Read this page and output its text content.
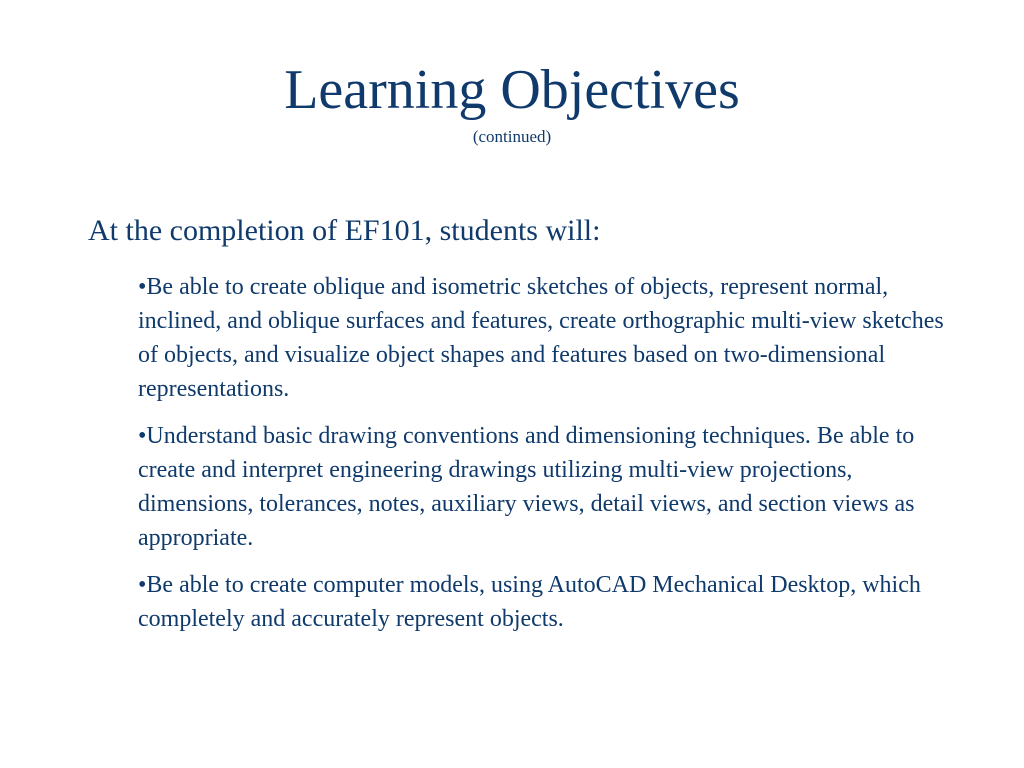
Learning Objectives
(continued)
At the completion of EF101, students will:
•Be able to create oblique and isometric sketches of objects, represent normal, inclined, and oblique surfaces and features, create orthographic multi-view sketches of objects, and visualize object shapes and features based on two-dimensional representations.
•Understand basic drawing conventions and dimensioning techniques. Be able to create and interpret engineering drawings utilizing multi-view projections, dimensions, tolerances, notes, auxiliary views, detail views, and section views as appropriate.
•Be able to create computer models, using AutoCAD Mechanical Desktop, which completely and accurately represent objects.
